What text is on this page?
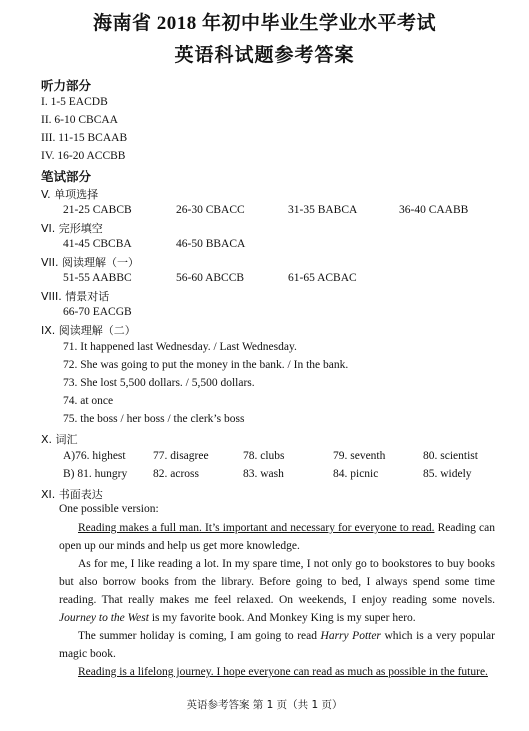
海南省 2018 年初中毕业生学业水平考试
英语科试题参考答案
听力部分
I. 1-5 EACDB
II. 6-10 CBCAA
III. 11-15 BCAAB
IV. 16-20 ACCBB
笔试部分
V. 单项选择
21-25 CABCB	26-30 CBACC	31-35 BABCA	36-40 CAABB
VI. 完形填空
41-45 CBCBA	46-50 BBACA
VII. 阅读理解（一）
51-55 AABBC	56-60 ABCCB	61-65 ACBAC
VIII. 情景对话
66-70 EACGB
IX. 阅读理解（二）
71. It happened last Wednesday. / Last Wednesday.
72. She was going to put the money in the bank. / In the bank.
73. She lost 5,500 dollars. / 5,500 dollars.
74. at once
75. the boss / her boss / the clerk’s boss
X. 词汇
A)76. highest 77. disagree	78. clubs	79. seventh	80. scientist
B) 81. hungry 82. across	83. wash	84. picnic	85. widely
XI. 书面表达
One possible version:
Reading makes a full man. It’s important and necessary for everyone to read. Reading can open up our minds and help us get more knowledge.
As for me, I like reading a lot. In my spare time, I not only go to bookstores to buy books but also borrow books from the library. Before going to bed, I always spend some time reading. That really makes me feel relaxed. On weekends, I enjoy reading some novels. Journey to the West is my favorite book. And Monkey King is my super hero.
The summer holiday is coming, I am going to read Harry Potter which is a very popular magic book.
Reading is a lifelong journey. I hope everyone can read as much as possible in the future.
英语参考答案 第 1 页（共 1 页）
